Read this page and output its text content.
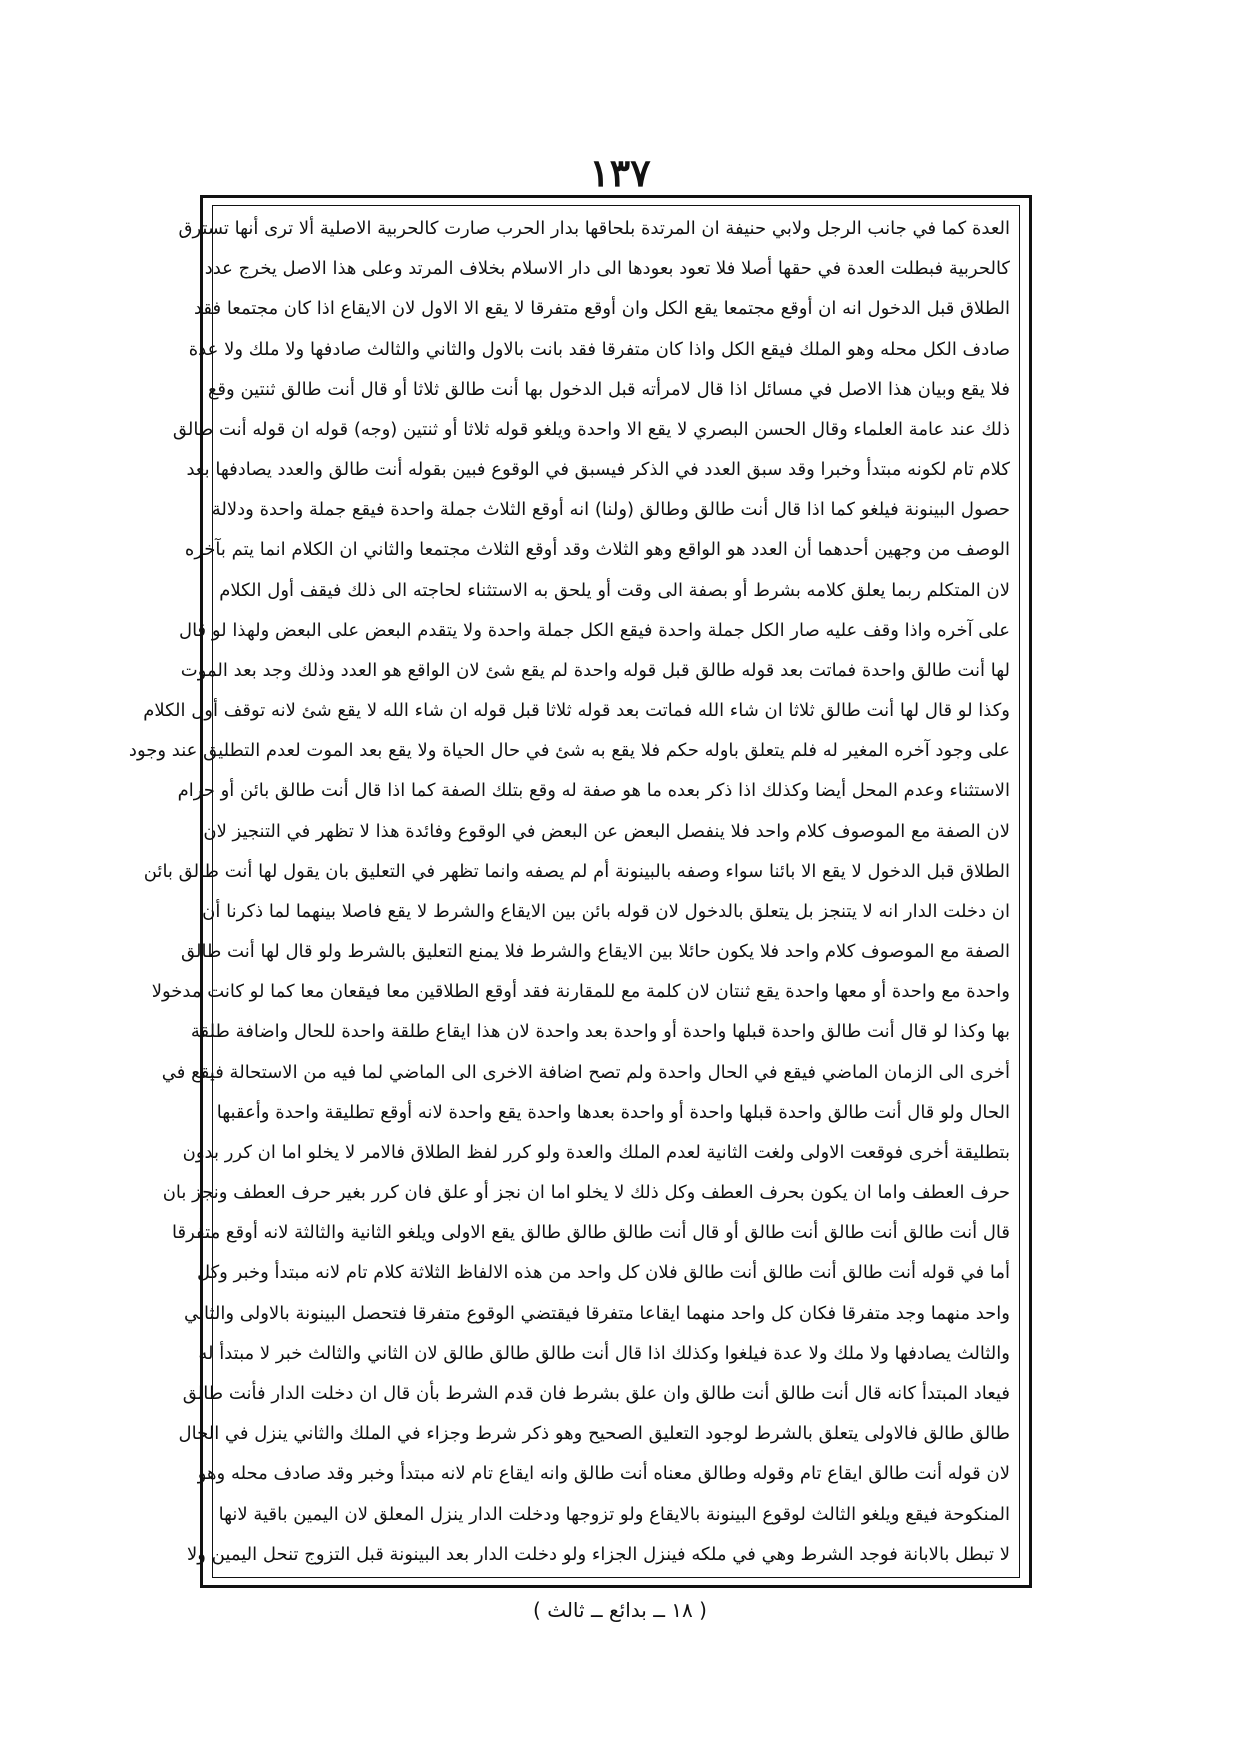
١٣٧
العدة كما في جانب الرجل ولابي حنيفة ان المرتدة بلحاقها بدار الحرب صارت كالحربية الاصلية ألا ترى أنها تسترق
كالحربية فبطلت العدة في حقها أصلا فلا تعود بعودها الى دار الاسلام بخلاف المرتد وعلى هذا الاصل يخرج عدد
الطلاق قبل الدخول انه ان أوقع مجتمعا يقع الكل وان أوقع متفرقا لا يقع الا الاول لان الايقاع اذا كان مجتمعا فقد
صادف الكل محله وهو الملك فيقع الكل واذا كان متفرقا فقد بانت بالاول والثاني والثالث صادفها ولا ملك ولا عدة
فلا يقع وبيان هذا الاصل في مسائل اذا قال لامرأته قبل الدخول بها أنت طالق ثلاثا أو قال أنت طالق ثنتين وقع
ذلك عند عامة العلماء وقال الحسن البصري لا يقع الا واحدة ويلغو قوله ثلاثا أو ثنتين (وجه) قوله ان قوله أنت طالق
كلام تام لكونه مبتدأ وخبرا وقد سبق العدد في الذكر فيسبق في الوقوع فبين بقوله أنت طالق والعدد يصادفها بعد
حصول البينونة فيلغو كما اذا قال أنت طالق وطالق (ولنا) انه أوقع الثلاث جملة واحدة فيقع جملة واحدة ودلالة
الوصف من وجهين أحدهما أن العدد هو الواقع وهو الثلاث وقد أوقع الثلاث مجتمعا والثاني ان الكلام انما يتم بآخره
لان المتكلم ربما يعلق كلامه بشرط أو بصفة الى وقت أو يلحق به الاستثناء لحاجته الى ذلك فيقف أول الكلام
على آخره واذا وقف عليه صار الكل جملة واحدة فيقع الكل جملة واحدة ولا يتقدم البعض على البعض ولهذا لو قال
لها أنت طالق واحدة فماتت بعد قوله طالق قبل قوله واحدة لم يقع شئ لان الواقع هو العدد وذلك وجد بعد الموت
وكذا لو قال لها أنت طالق ثلاثا ان شاء الله فماتت بعد قوله ثلاثا قبل قوله ان شاء الله لا يقع شئ لانه توقف أول الكلام
على وجود آخره المغير له فلم يتعلق باوله حكم فلا يقع به شئ في حال الحياة ولا يقع بعد الموت لعدم التطليق عند وجود
الاستثناء وعدم المحل أيضا وكذلك اذا ذكر بعده ما هو صفة له وقع بتلك الصفة كما اذا قال أنت طالق بائن أو حرام
لان الصفة مع الموصوف كلام واحد فلا ينفصل البعض عن البعض في الوقوع وفائدة هذا لا تظهر في التنجيز لان
الطلاق قبل الدخول لا يقع الا بائنا سواء وصفه بالبينونة أم لم يصفه وانما تظهر في التعليق بان يقول لها أنت طالق بائن
ان دخلت الدار انه لا يتنجز بل يتعلق بالدخول لان قوله بائن بين الايقاع والشرط لا يقع فاصلا بينهما لما ذكرنا أن
الصفة مع الموصوف كلام واحد فلا يكون حائلا بين الايقاع والشرط فلا يمنع التعليق بالشرط ولو قال لها أنت طالق
واحدة مع واحدة أو معها واحدة يقع ثنتان لان كلمة مع للمقارنة فقد أوقع الطلاقين معا فيقعان معا كما لو كانت مدخولا
بها وكذا لو قال أنت طالق واحدة قبلها واحدة أو واحدة بعد واحدة لان هذا ايقاع طلقة واحدة للحال واضافة طلقة
أخرى الى الزمان الماضي فيقع في الحال واحدة ولم تصح اضافة الاخرى الى الماضي لما فيه من الاستحالة فيقع في
الحال ولو قال أنت طالق واحدة قبلها واحدة أو واحدة بعدها واحدة يقع واحدة لانه أوقع تطليقة واحدة وأعقبها
بتطليقة أخرى فوقعت الاولى ولغت الثانية لعدم الملك والعدة ولو كرر لفظ الطلاق فالامر لا يخلو اما ان كرر بدون
حرف العطف واما ان يكون بحرف العطف وكل ذلك لا يخلو اما ان نجز أو علق فان كرر بغير حرف العطف ونجز بان
قال أنت طالق أنت طالق أنت طالق أو قال أنت طالق طالق طالق يقع الاولى ويلغو الثانية والثالثة لانه أوقع متفرقا
أما في قوله أنت طالق أنت طالق أنت طالق فلان كل واحد من هذه الالفاظ الثلاثة كلام تام لانه مبتدأ وخبر وكل
واحد منهما وجد متفرقا فكان كل واحد منهما ايقاعا متفرقا فيقتضي الوقوع متفرقا فتحصل البينونة بالاولى والثاني
والثالث يصادفها ولا ملك ولا عدة فيلغوا وكذلك اذا قال أنت طالق طالق طالق لان الثاني والثالث خبر لا مبتدأ له
فيعاد المبتدأ كانه قال أنت طالق أنت طالق وان علق بشرط فان قدم الشرط بأن قال ان دخلت الدار فأنت طالق
طالق طالق فالاولى يتعلق بالشرط لوجود التعليق الصحيح وهو ذكر شرط وجزاء في الملك والثاني ينزل في الحال
لان قوله أنت طالق ايقاع تام وقوله وطالق معناه أنت طالق وانه ايقاع تام لانه مبتدأ وخبر وقد صادف محله وهو
المنكوحة فيقع ويلغو الثالث لوقوع البينونة بالايقاع ولو تزوجها ودخلت الدار ينزل المعلق لان اليمين باقية لانها
لا تبطل بالابانة فوجد الشرط وهي في ملكه فينزل الجزاء ولو دخلت الدار بعد البينونة قبل التزوج تنحل اليمين ولا
( ١٨ ــ بدائع ــ ثالث )
